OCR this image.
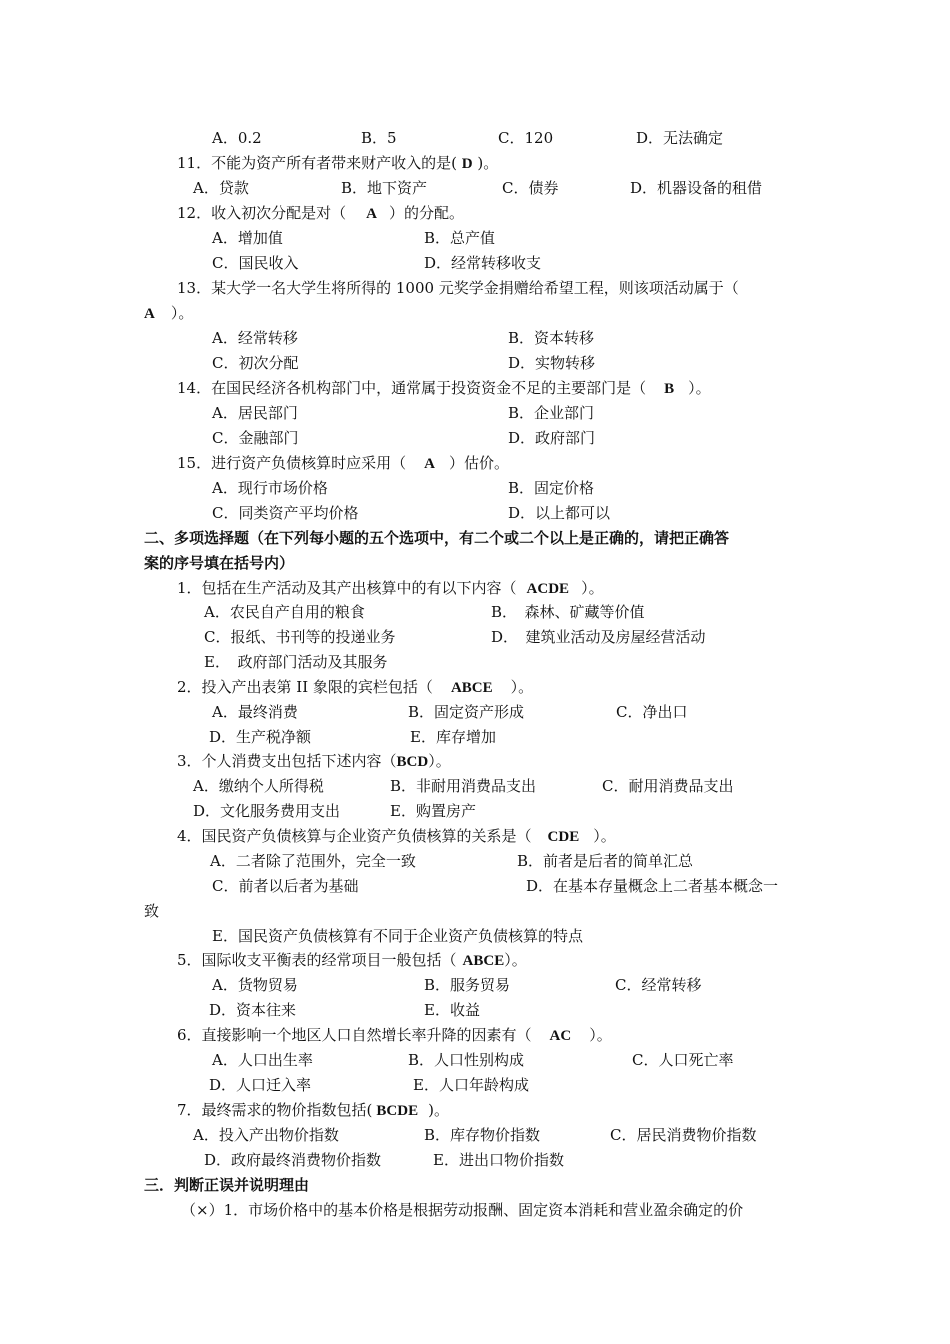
A．0.2	B．5	C．120	D．无法确定
11．不能为资产所有者带来财产收入的是( D )。
A．贷款	B．地下资产	C．债券	D．机器设备的租借
12．收入初次分配是对（ A ）的分配。
A．增加值	B．总产值
C．国民收入	D．经常转移收支
13．某大学一名大学生将所得的 1000 元奖学金捐赠给希望工程，则该项活动属于（
A ）。
A．经常转移	B．资本转移
C．初次分配	D．实物转移
14．在国民经济各机构部门中，通常属于投资资金不足的主要部门是（ B ）。
A．居民部门	B．企业部门
C．金融部门	D．政府部门
15．进行资产负债核算时应采用（ A ）估价。
A．现行市场价格	B．固定价格
C．同类资产平均价格	D．以上都可以
二、多项选择题（在下列每小题的五个选项中，有二个或二个以上是正确的，请把正确答
案的序号填在括号内）
1．包括在生产活动及其产出核算中的有以下内容（ ACDE ）。
A．农民自产自用的粮食	B．　森林、矿藏等价值
C．报纸、书刊等的投递业务	D．　建筑业活动及房屋经营活动
E．　政府部门活动及其服务
2．投入产出表第 II 象限的宾栏包括（ ABCE ）。
A．最终消费	B．固定资产形成	C．净出口
D．生产税净额	E．库存增加
3．个人消费支出包括下述内容（BCD）。
A．缴纳个人所得税	B．非耐用消费品支出	C．耐用消费品支出
D．文化服务费用支出	E．购置房产
4．国民资产负债核算与企业资产负债核算的关系是（ CDE ）。
A．二者除了范围外，完全一致	B．前者是后者的简单汇总
C．前者以后者为基础	D．在基本存量概念上二者基本概念一
致
E．国民资产负债核算有不同于企业资产负债核算的特点
5．国际收支平衡表的经常项目一般包括（ ABCE）。
A．货物贸易	B．服务贸易	C．经常转移
D．资本往来	E．收益
6．直接影响一个地区人口自然增长率升降的因素有（ AC ）。
A．人口出生率	B．人口性别构成	C．人口死亡率
D．人口迁入率	E．人口年龄构成
7．最终需求的物价指数包括( BCDE )。
A．投入产出物价指数	B．库存物价指数	C．居民消费物价指数
D．政府最终消费物价指数	E．进出口物价指数
三．判断正误并说明理由
（×）1．市场价格中的基本价格是根据劳动报酬、固定资本消耗和营业盈余确定的价
